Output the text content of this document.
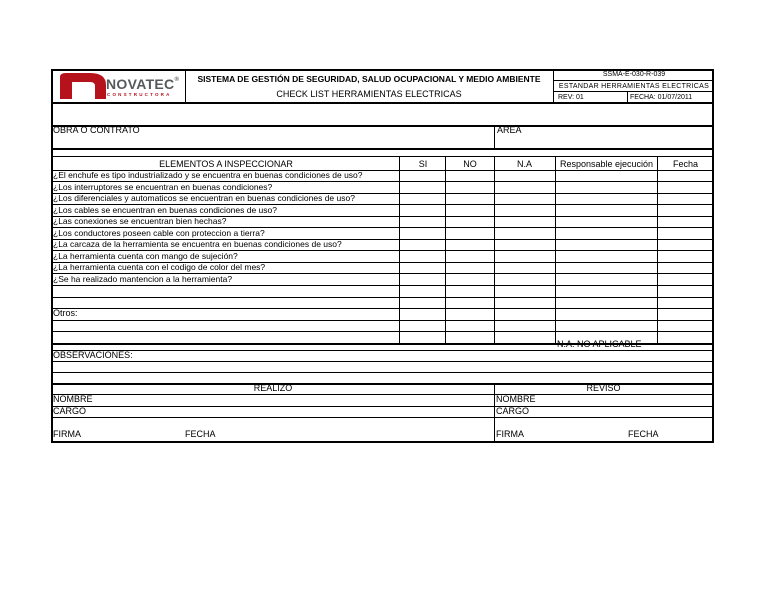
NOVATEC®
CONSTRUCTORA
SISTEMA DE GESTIÓN DE SEGURIDAD, SALUD OCUPACIONAL Y MEDIO AMBIENTE
CHECK LIST HERRAMIENTAS ELECTRICAS
SSMA-E-030-R-039
ESTANDAR HERRAMIENTAS ELECTRICAS
REV: 01	FECHA: 01/07/2011
OBRA O CONTRATO	ÁREA
ELEMENTOS A INSPECCIONAR	SI	NO	N.A	Responsable ejecución	Fecha
¿El enchufe es tipo industrializado y se encuentra en buenas condiciones de uso?
¿Los interruptores se encuentran en buenas condiciones?
¿Los diferenciales y automaticos se encuentran en buenas condiciones de uso?
¿Los cables se encuentran en buenas condiciones de uso?
¿Las conexiones se encuentran bien hechas?
¿Los conductores poseen cable con proteccion a tierra?
¿La carcaza de la herramienta se encuentra en buenas condiciones de uso?
¿La herramienta cuenta con mango de sujeción?
¿La herramienta cuenta con el codigo de color del mes?
¿Se ha realizado mantencion a la herramienta?
Otros:
N.A. NO APLICABLE
OBSERVACIONES:
REALIZO	REVISO
NOMBRE	NOMBRE
CARGO	CARGO
FIRMA	FECHA	FIRMA	FECHA
